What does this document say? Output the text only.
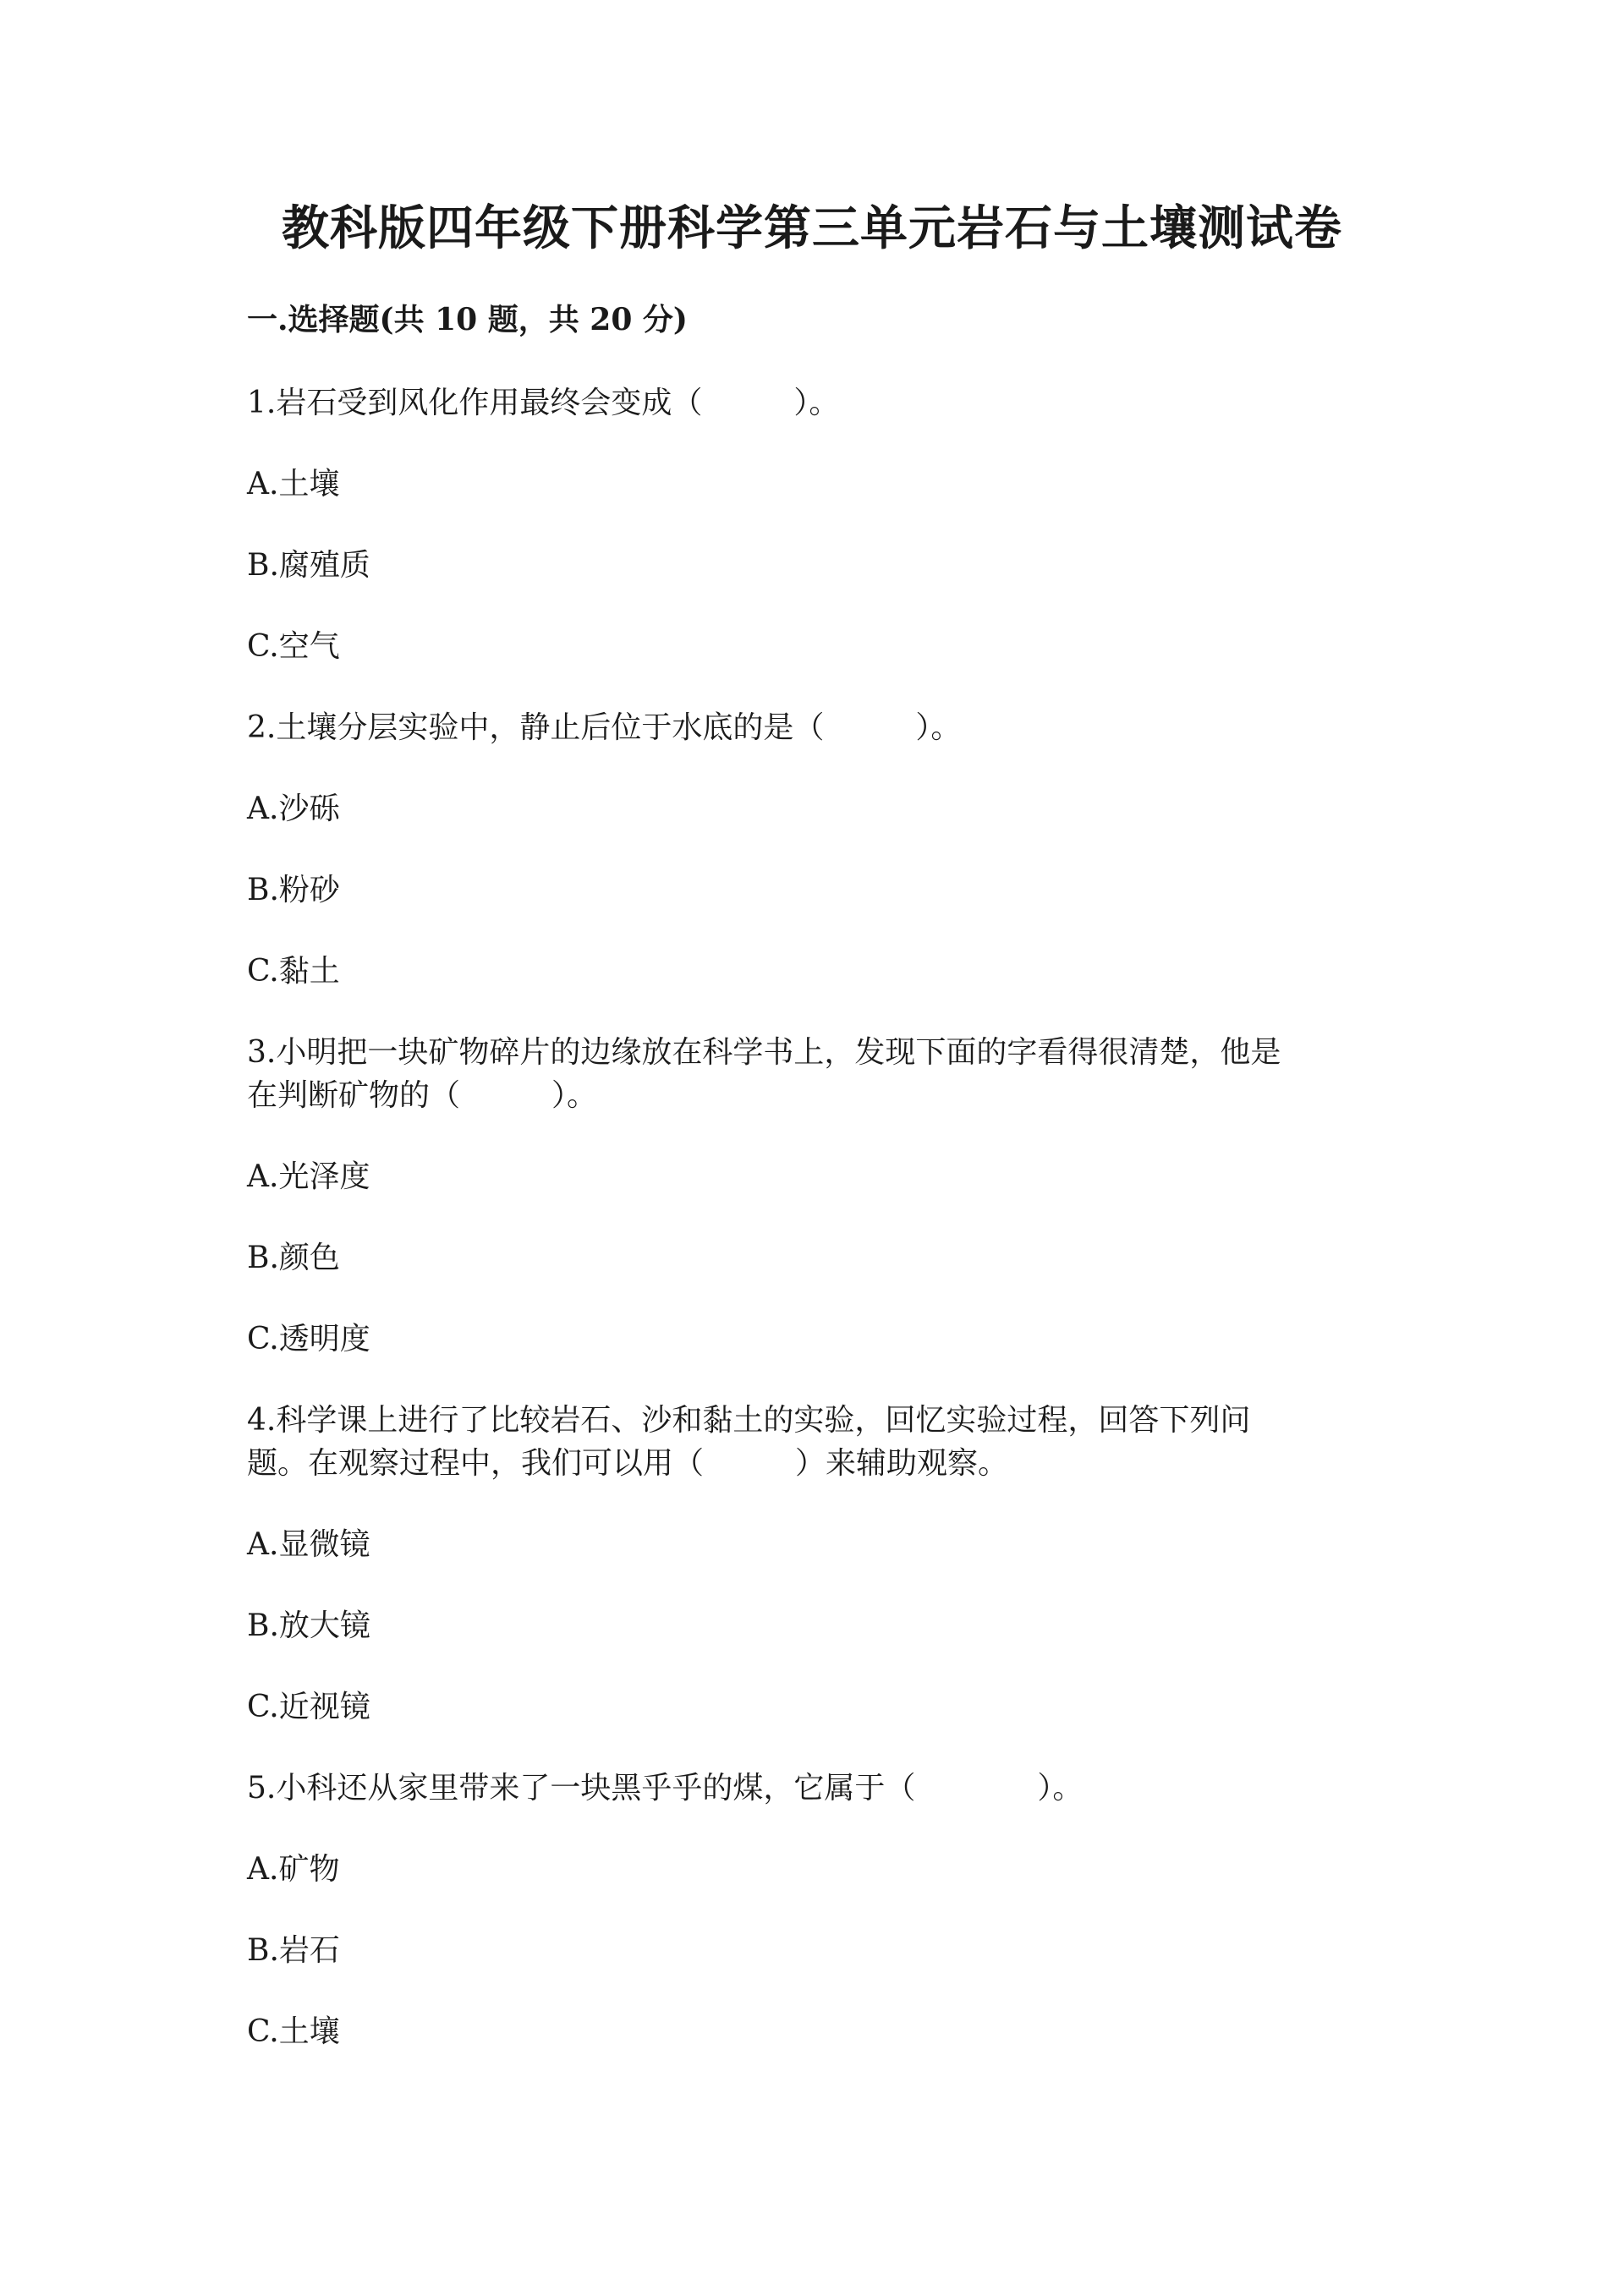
教科版四年级下册科学第三单元岩石与土壤测试卷
一.选择题(共 10 题，共 20 分)
1.岩石受到风化作用最终会变成（　　　）。
A.土壤
B.腐殖质
C.空气
2.土壤分层实验中，静止后位于水底的是（　　　）。
A.沙砾
B.粉砂
C.黏土
3.小明把一块矿物碎片的边缘放在科学书上，发现下面的字看得很清楚，他是
在判断矿物的（　　　）。
A.光泽度
B.颜色
C.透明度
4.科学课上进行了比较岩石、沙和黏土的实验，回忆实验过程，回答下列问
题。在观察过程中，我们可以用（　　　）来辅助观察。
A.显微镜
B.放大镜
C.近视镜
5.小科还从家里带来了一块黑乎乎的煤，它属于（　　　　）。
A.矿物
B.岩石
C.土壤
